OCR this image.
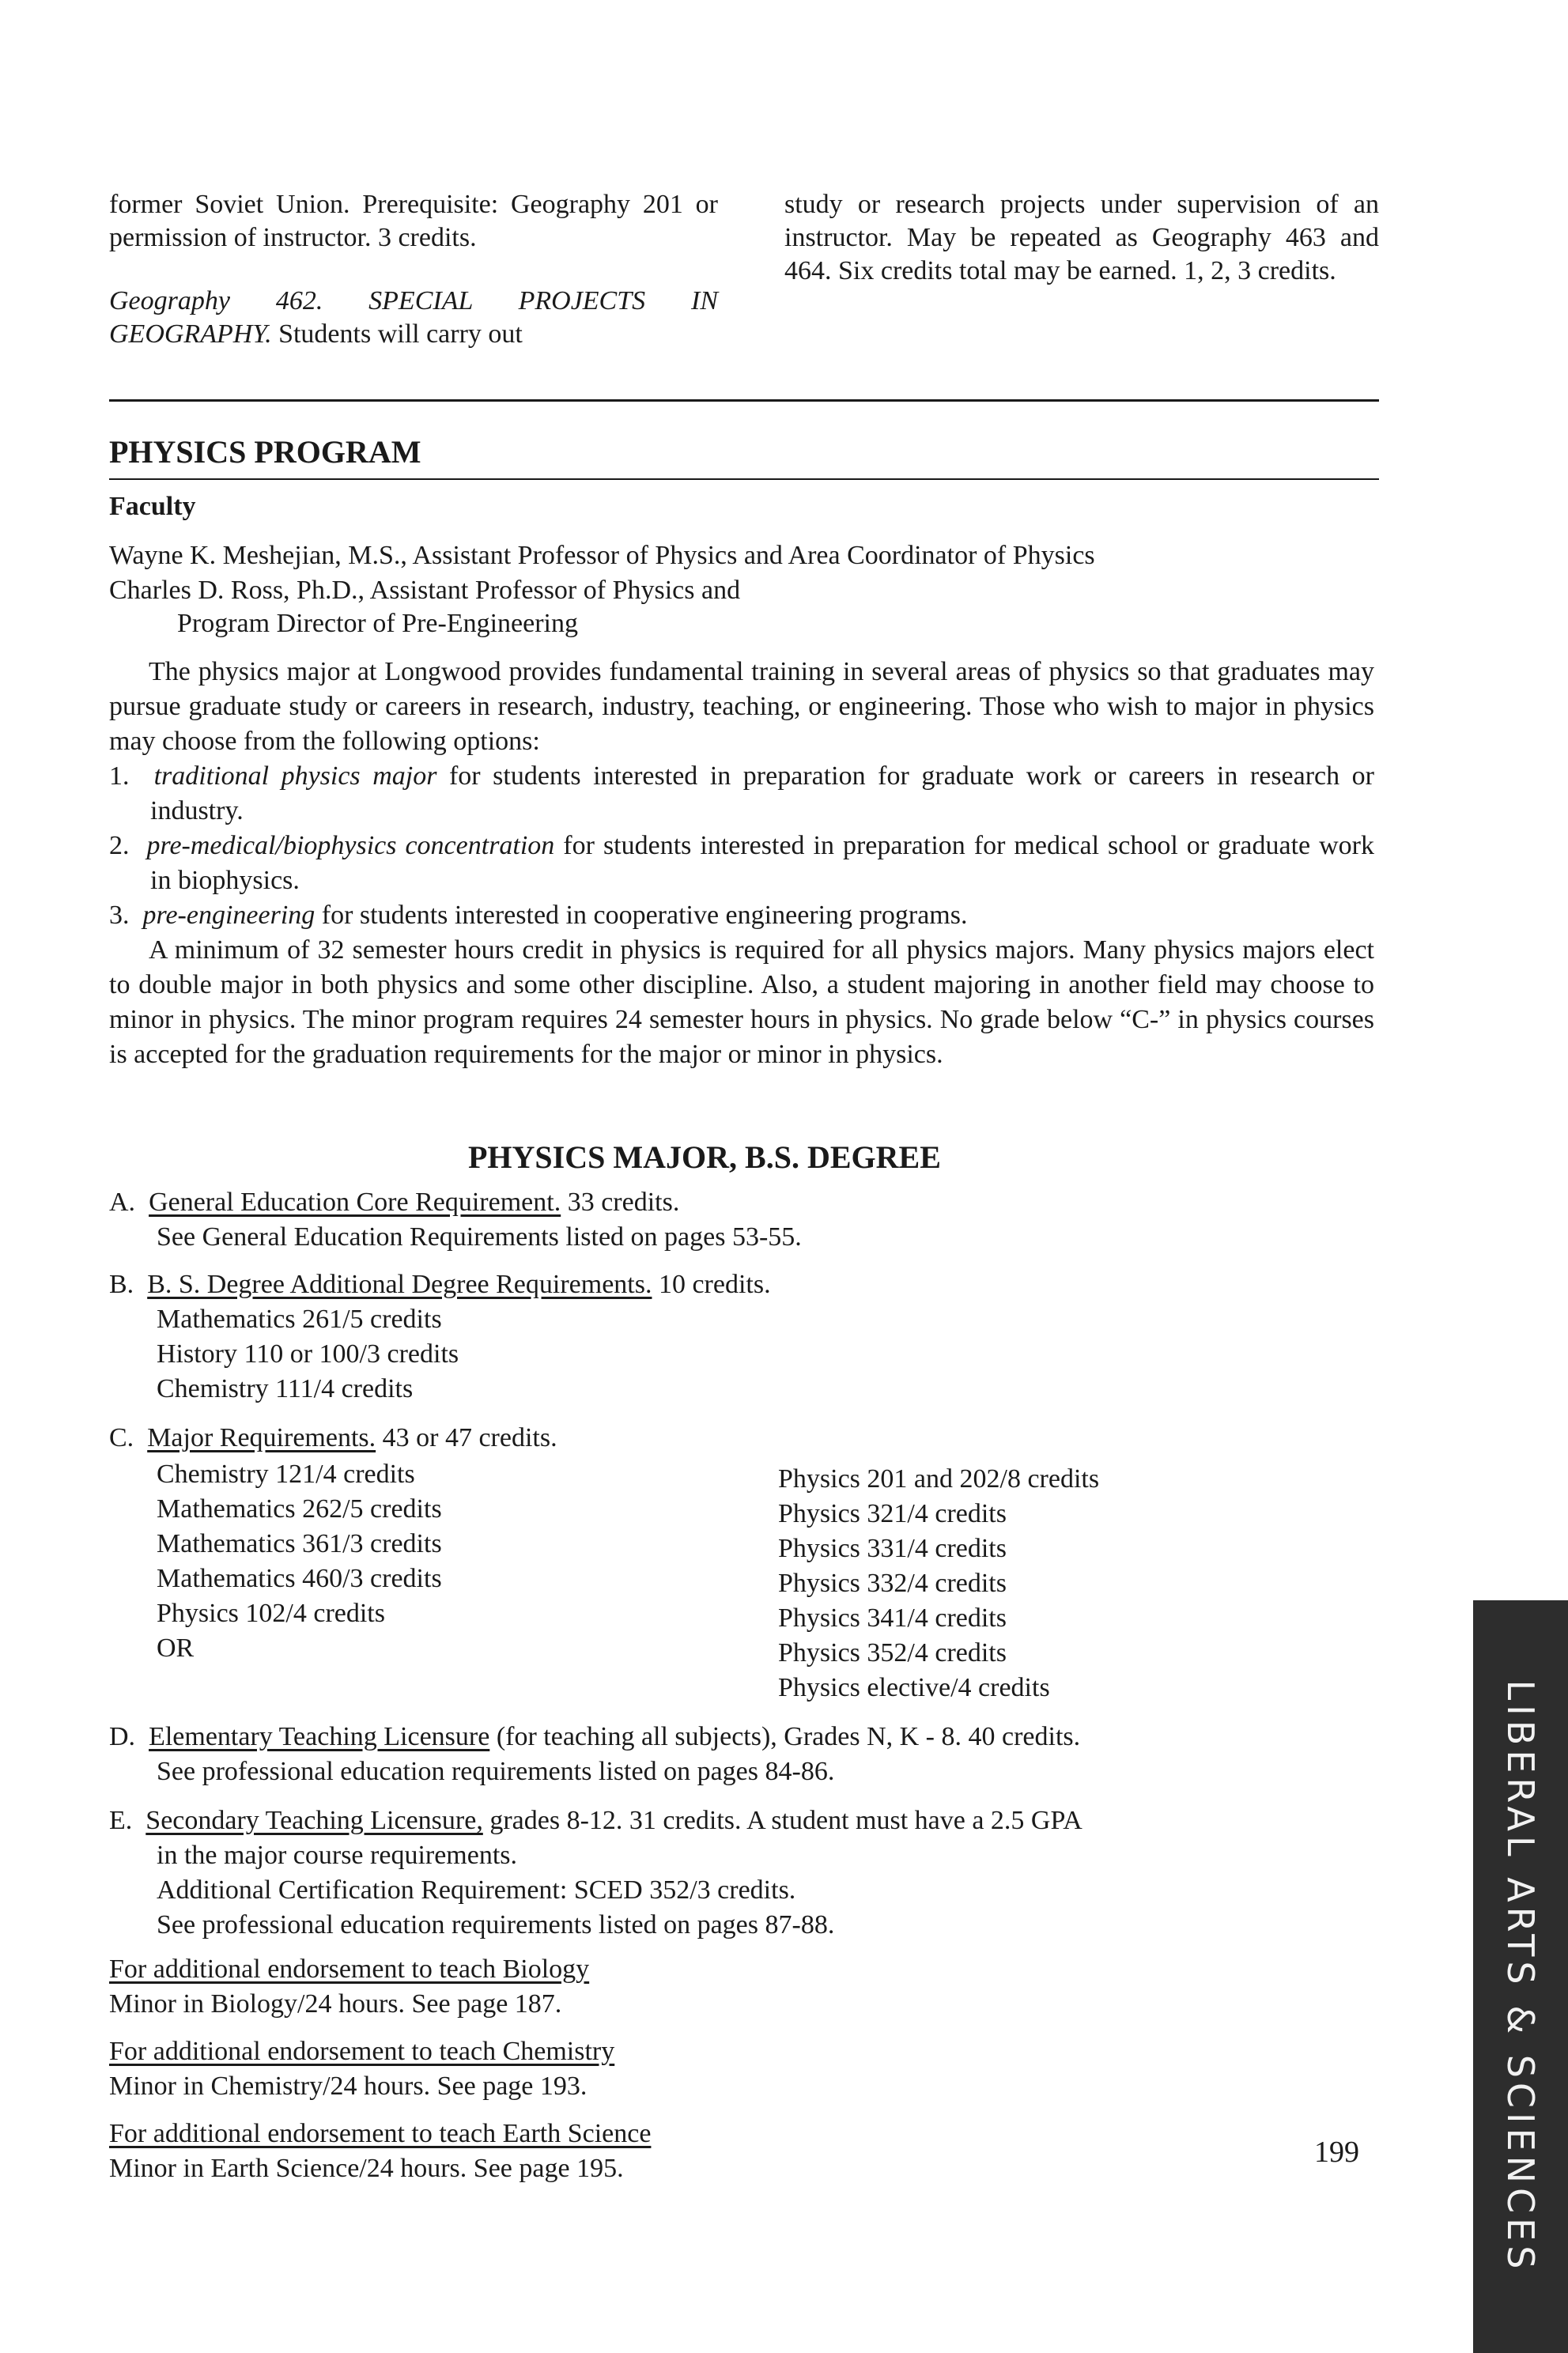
former Soviet Union. Prerequisite: Geography 201 or permission of instructor. 3 credits.

Geography 462. SPECIAL PROJECTS IN GEOGRAPHY. Students will carry out

study or research projects under supervision of an instructor. May be repeated as Geography 463 and 464. Six credits total may be earned. 1, 2, 3 credits.

PHYSICS PROGRAM
Faculty
Wayne K. Meshejian, M.S., Assistant Professor of Physics and Area Coordinator of Physics
Charles D. Ross, Ph.D., Assistant Professor of Physics and
Program Director of Pre-Engineering

The physics major at Longwood provides fundamental training in several areas of physics so that graduates may pursue graduate study or careers in research, industry, teaching, or engineering. Those who wish to major in physics may choose from the following options:

1. traditional physics major for students interested in preparation for graduate work or careers in research or industry.

2. pre-medical/biophysics concentration for students interested in preparation for medical school or graduate work in biophysics.

3. pre-engineering for students interested in cooperative engineering programs.

A minimum of 32 semester hours credit in physics is required for all physics majors. Many physics majors elect to double major in both physics and some other discipline. Also, a student majoring in another field may choose to minor in physics. The minor program requires 24 semester hours in physics. No grade below “C-” in physics courses is accepted for the graduation requirements for the major or minor in physics.

PHYSICS MAJOR, B.S. DEGREE
A. General Education Core Requirement. 33 credits.
See General Education Requirements listed on pages 53-55.
B. B. S. Degree Additional Degree Requirements. 10 credits.
Mathematics 261/5 credits
History 110 or 100/3 credits
Chemistry 111/4 credits
C. Major Requirements. 43 or 47 credits.
Chemistry 121/4 credits
Mathematics 262/5 credits
Mathematics 361/3 credits
Mathematics 460/3 credits
Physics 102/4 credits
OR
Physics 201 and 202/8 credits
Physics 321/4 credits
Physics 331/4 credits
Physics 332/4 credits
Physics 341/4 credits
Physics 352/4 credits
Physics elective/4 credits
D. Elementary Teaching Licensure (for teaching all subjects), Grades N, K - 8. 40 credits.
See professional education requirements listed on pages 84-86.
E. Secondary Teaching Licensure, grades 8-12. 31 credits. A student must have a 2.5 GPA
in the major course requirements.
Additional Certification Requirement: SCED 352/3 credits.
See professional education requirements listed on pages 87-88.
For additional endorsement to teach Biology
Minor in Biology/24 hours. See page 187.
For additional endorsement to teach Chemistry
Minor in Chemistry/24 hours. See page 193.
For additional endorsement to teach Earth Science
Minor in Earth Science/24 hours. See page 195.	199	LIBERAL ARTS & SCIENCES
